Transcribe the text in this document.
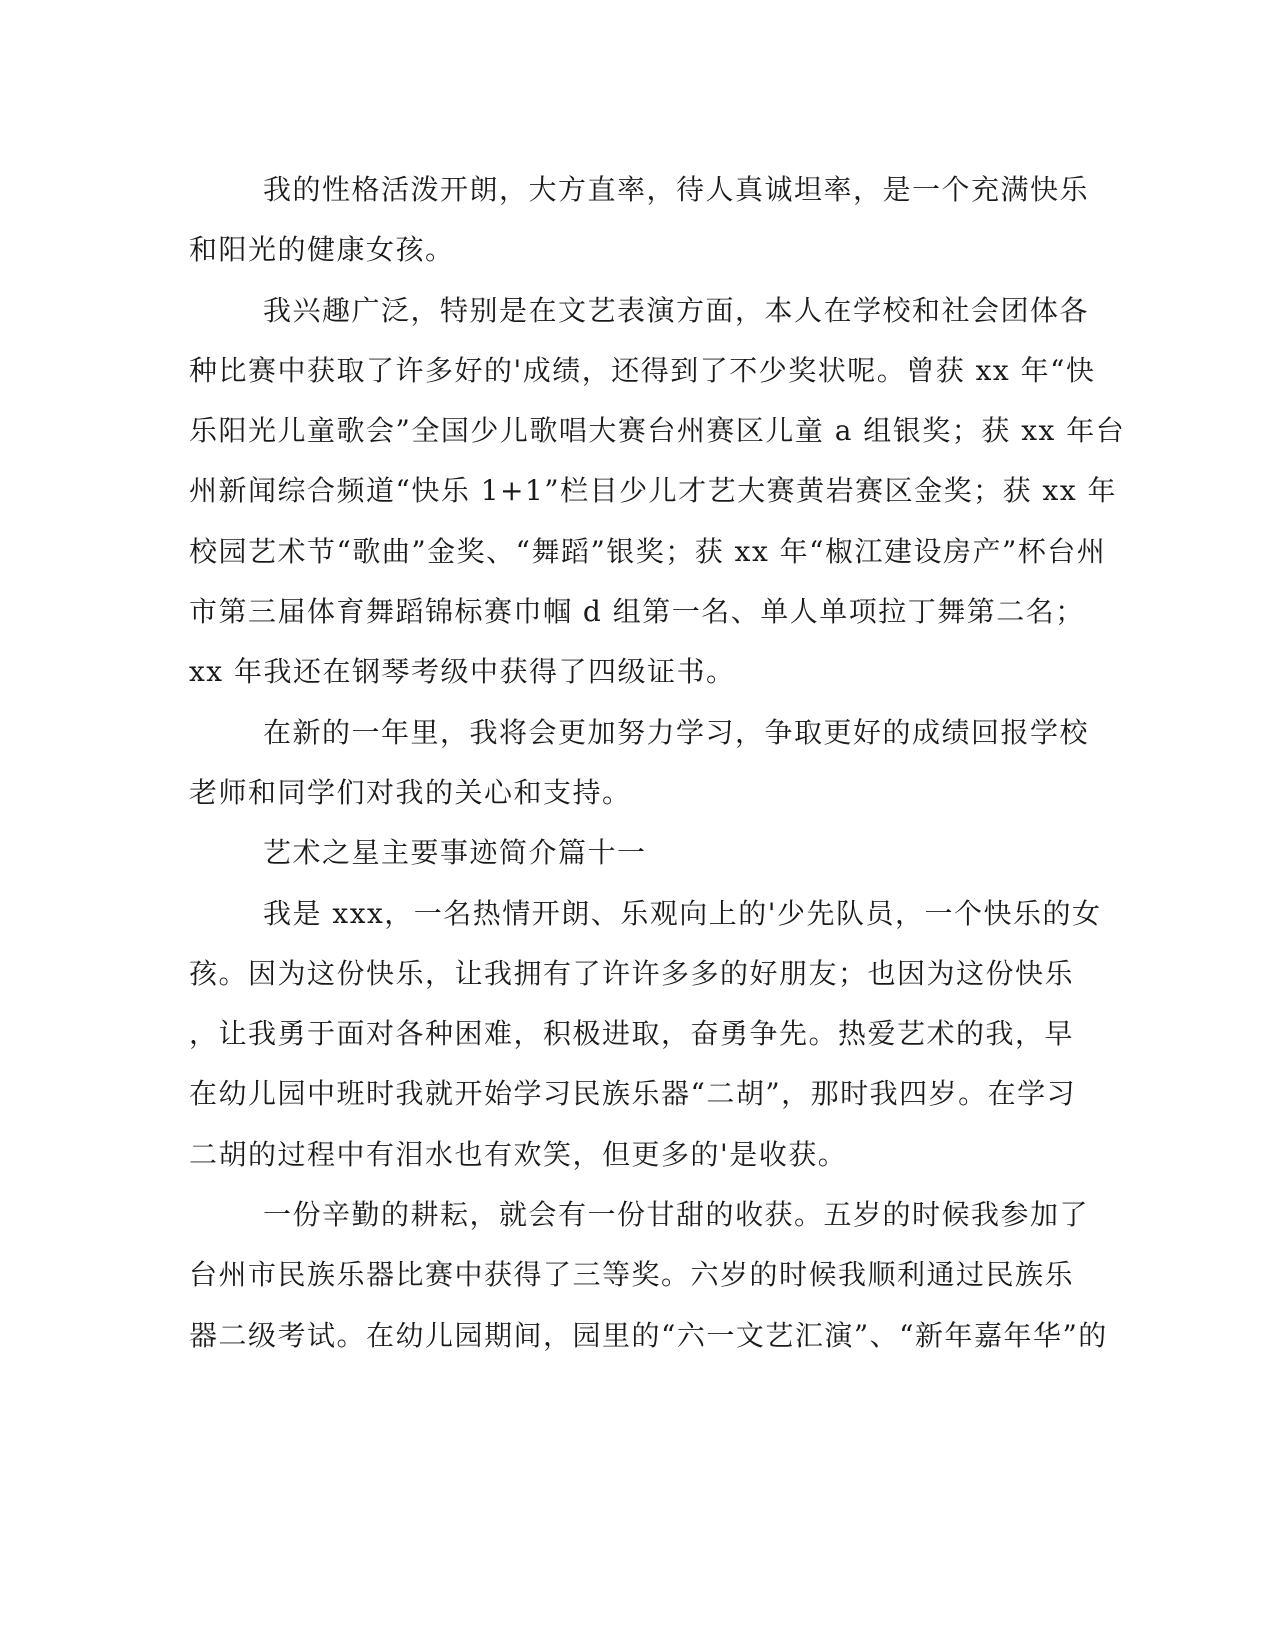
我的性格活泼开朗，大方直率，待人真诚坦率，是一个充满快乐
和阳光的健康女孩。
我兴趣广泛，特别是在文艺表演方面，本人在学校和社会团体各
种比赛中获取了许多好的'成绩，还得到了不少奖状呢。曾获 xx 年“快
乐阳光儿童歌会”全国少儿歌唱大赛台州赛区儿童 a 组银奖；获 xx 年台
州新闻综合频道“快乐 1+1”栏目少儿才艺大赛黄岩赛区金奖；获 xx 年
校园艺术节“歌曲”金奖、“舞蹈”银奖；获 xx 年“椒江建设房产”杯台州
市第三届体育舞蹈锦标赛巾帼 d 组第一名、单人单项拉丁舞第二名；
xx 年我还在钢琴考级中获得了四级证书。
在新的一年里，我将会更加努力学习，争取更好的成绩回报学校
老师和同学们对我的关心和支持。
艺术之星主要事迹简介篇十一
我是 xxx，一名热情开朗、乐观向上的'少先队员，一个快乐的女
孩。因为这份快乐，让我拥有了许许多多的好朋友；也因为这份快乐
，让我勇于面对各种困难，积极进取，奋勇争先。热爱艺术的我，早
在幼儿园中班时我就开始学习民族乐器“二胡”，那时我四岁。在学习
二胡的过程中有泪水也有欢笑，但更多的'是收获。
一份辛勤的耕耘，就会有一份甘甜的收获。五岁的时候我参加了
台州市民族乐器比赛中获得了三等奖。六岁的时候我顺利通过民族乐
器二级考试。在幼儿园期间，园里的“六一文艺汇演”、“新年嘉年华”的
